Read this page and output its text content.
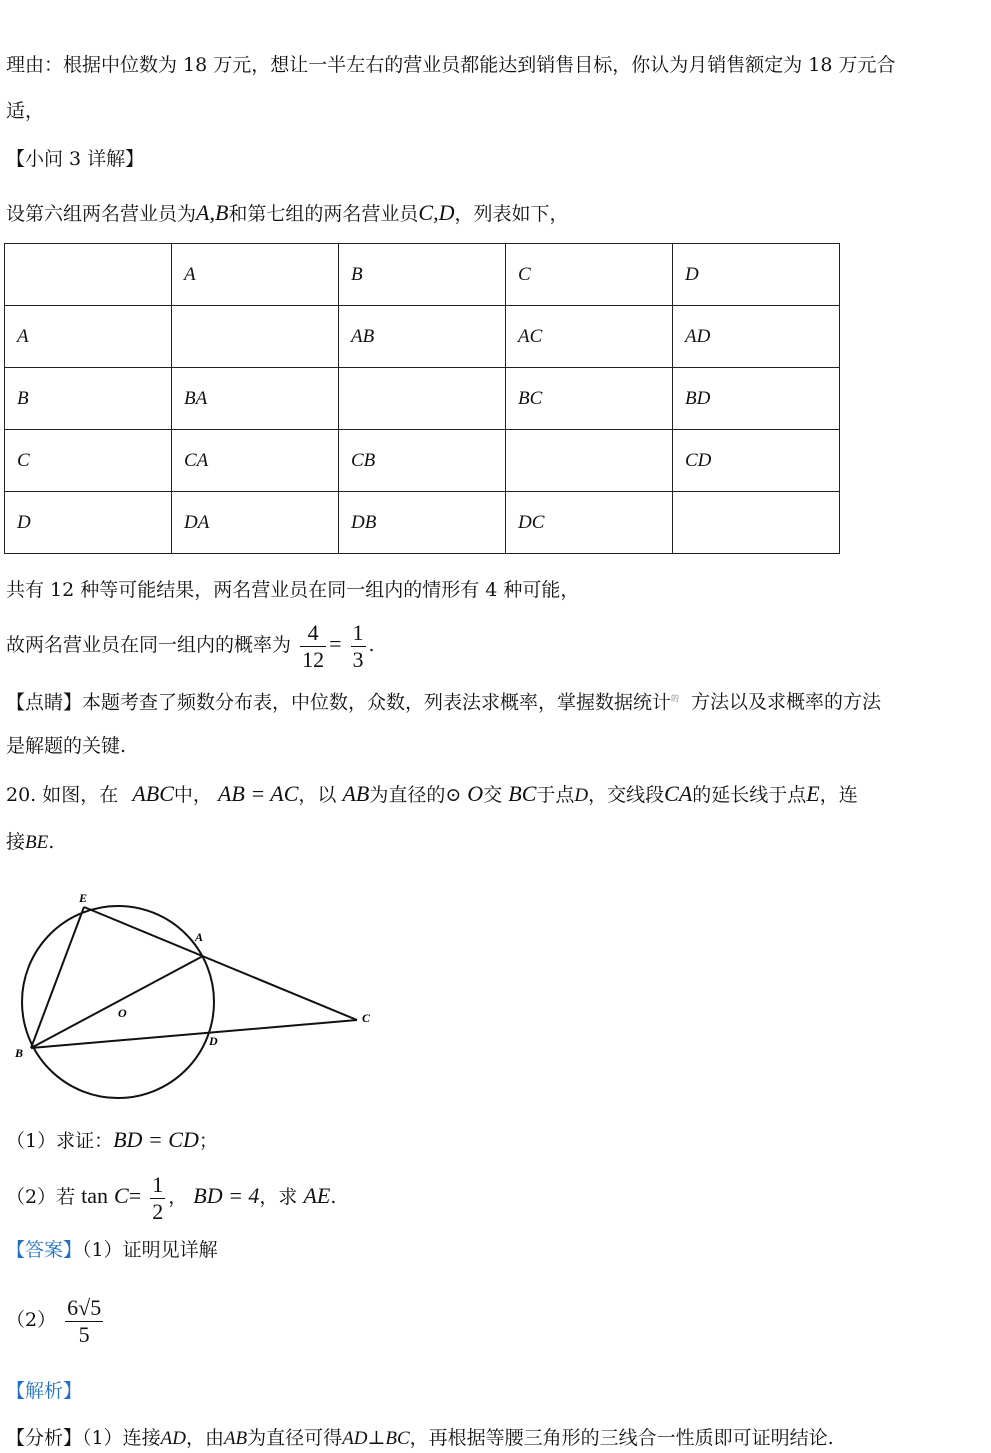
理由：根据中位数为 18 万元，想让一半左右的营业员都能达到销售目标，你认为月销售额定为 18 万元合
适，
【小问 3 详解】
设第六组两名营业员为A,B和第七组的两名营业员C,D，列表如下，
	A	B	C	D
A		AB	AC	AD
B	BA		BC	BD
C	CA	CB		CD
D	DA	DB	DC	
共有 12 种等可能结果，两名营业员在同一组内的情形有 4 种可能，
故两名营业员在同一组内的概率为 $\frac{4}{12} = \frac{1}{3}$ .
【点睛】本题考查了频数分布表，中位数，众数，列表法求概率，掌握数据统计$^的$ 方法以及求概率的方法
是解题的关键.
20. 如图，在 ABC中， AB = AC，以 AB为直径的⊙ O交 BC于点D，交线段CA的延长线于点E，连
接BE.
E
A
O	C
B
D
（1）求证：BD = CD；
（2）若 $\tan C= \frac{1}{2}$ ， BD = 4，求 AE.
【答案】（1）证明见详解
$(2) \frac{6√5}{5}$
【解析】
【分析】（1）连接AD，由AB为直径可得AD⊥BC，再根据等腰三角形的三线合一性质即可证明结论.
